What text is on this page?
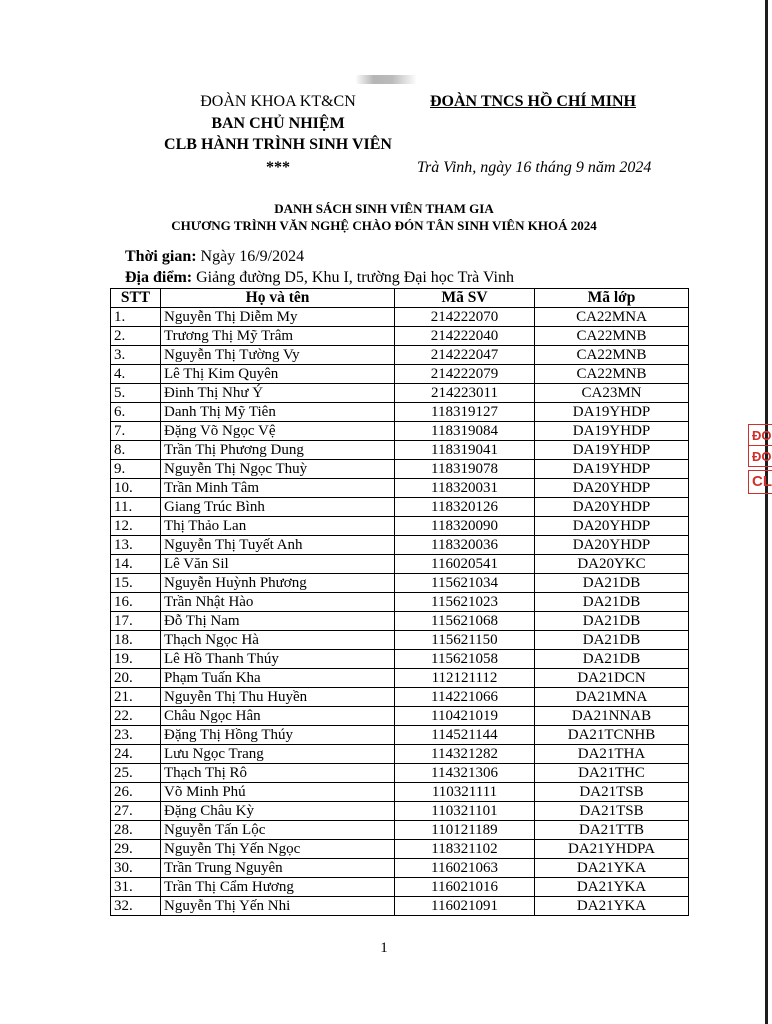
ĐOÀN KHOA KT&CN
BAN CHỦ NHIỆM
CLB HÀNH TRÌNH SINH VIÊN
***
ĐOÀN TNCS HỒ CHÍ MINH
Trà Vinh, ngày 16 tháng 9 năm 2024
DANH SÁCH SINH VIÊN THAM GIA
CHƯƠNG TRÌNH VĂN NGHỆ CHÀO ĐÓN TÂN SINH VIÊN KHOÁ 2024
Thời gian: Ngày 16/9/2024
Địa điểm: Giảng đường D5, Khu I, trường Đại học Trà Vinh
STT	Họ và tên	Mã SV	Mã lớp
1.	Nguyễn Thị Diễm My	214222070	CA22MNA
2.	Trương Thị Mỹ Trâm	214222040	CA22MNB
3.	Nguyễn Thị Tường Vy	214222047	CA22MNB
4.	Lê Thị Kim Quyên	214222079	CA22MNB
5.	Đinh Thị Như Ý	214223011	CA23MN
6.	Danh Thị Mỹ Tiên	118319127	DA19YHDP
7.	Đặng Võ Ngọc Vệ	118319084	DA19YHDP
8.	Trần Thị Phương Dung	118319041	DA19YHDP
9.	Nguyễn Thị Ngọc Thuỳ	118319078	DA19YHDP
10.	Trần Minh Tâm	118320031	DA20YHDP
11.	Giang Trúc Bình	118320126	DA20YHDP
12.	Thị Thảo Lan	118320090	DA20YHDP
13.	Nguyễn Thị Tuyết Anh	118320036	DA20YHDP
14.	Lê Văn Sil	116020541	DA20YKC
15.	Nguyễn Huỳnh Phương	115621034	DA21DB
16.	Trần Nhật Hào	115621023	DA21DB
17.	Đỗ Thị Nam	115621068	DA21DB
18.	Thạch Ngọc Hà	115621150	DA21DB
19.	Lê Hồ Thanh Thúy	115621058	DA21DB
20.	Phạm Tuấn Kha	112121112	DA21DCN
21.	Nguyễn Thị Thu Huyền	114221066	DA21MNA
22.	Châu Ngọc Hân	110421019	DA21NNAB
23.	Đặng Thị Hồng Thúy	114521144	DA21TCNHB
24.	Lưu Ngọc Trang	114321282	DA21THA
25.	Thạch Thị Rô	114321306	DA21THC
26.	Võ Minh Phú	110321111	DA21TSB
27.	Đặng Châu Kỳ	110321101	DA21TSB
28.	Nguyễn Tấn Lộc	110121189	DA21TTB
29.	Nguyễn Thị Yến Ngọc	118321102	DA21YHDPA
30.	Trần Trung Nguyên	116021063	DA21YKA
31.	Trần Thị Cẩm Hương	116021016	DA21YKA
32.	Nguyễn Thị Yến Nhi	116021091	DA21YKA
ĐO
ĐO
CL
1
